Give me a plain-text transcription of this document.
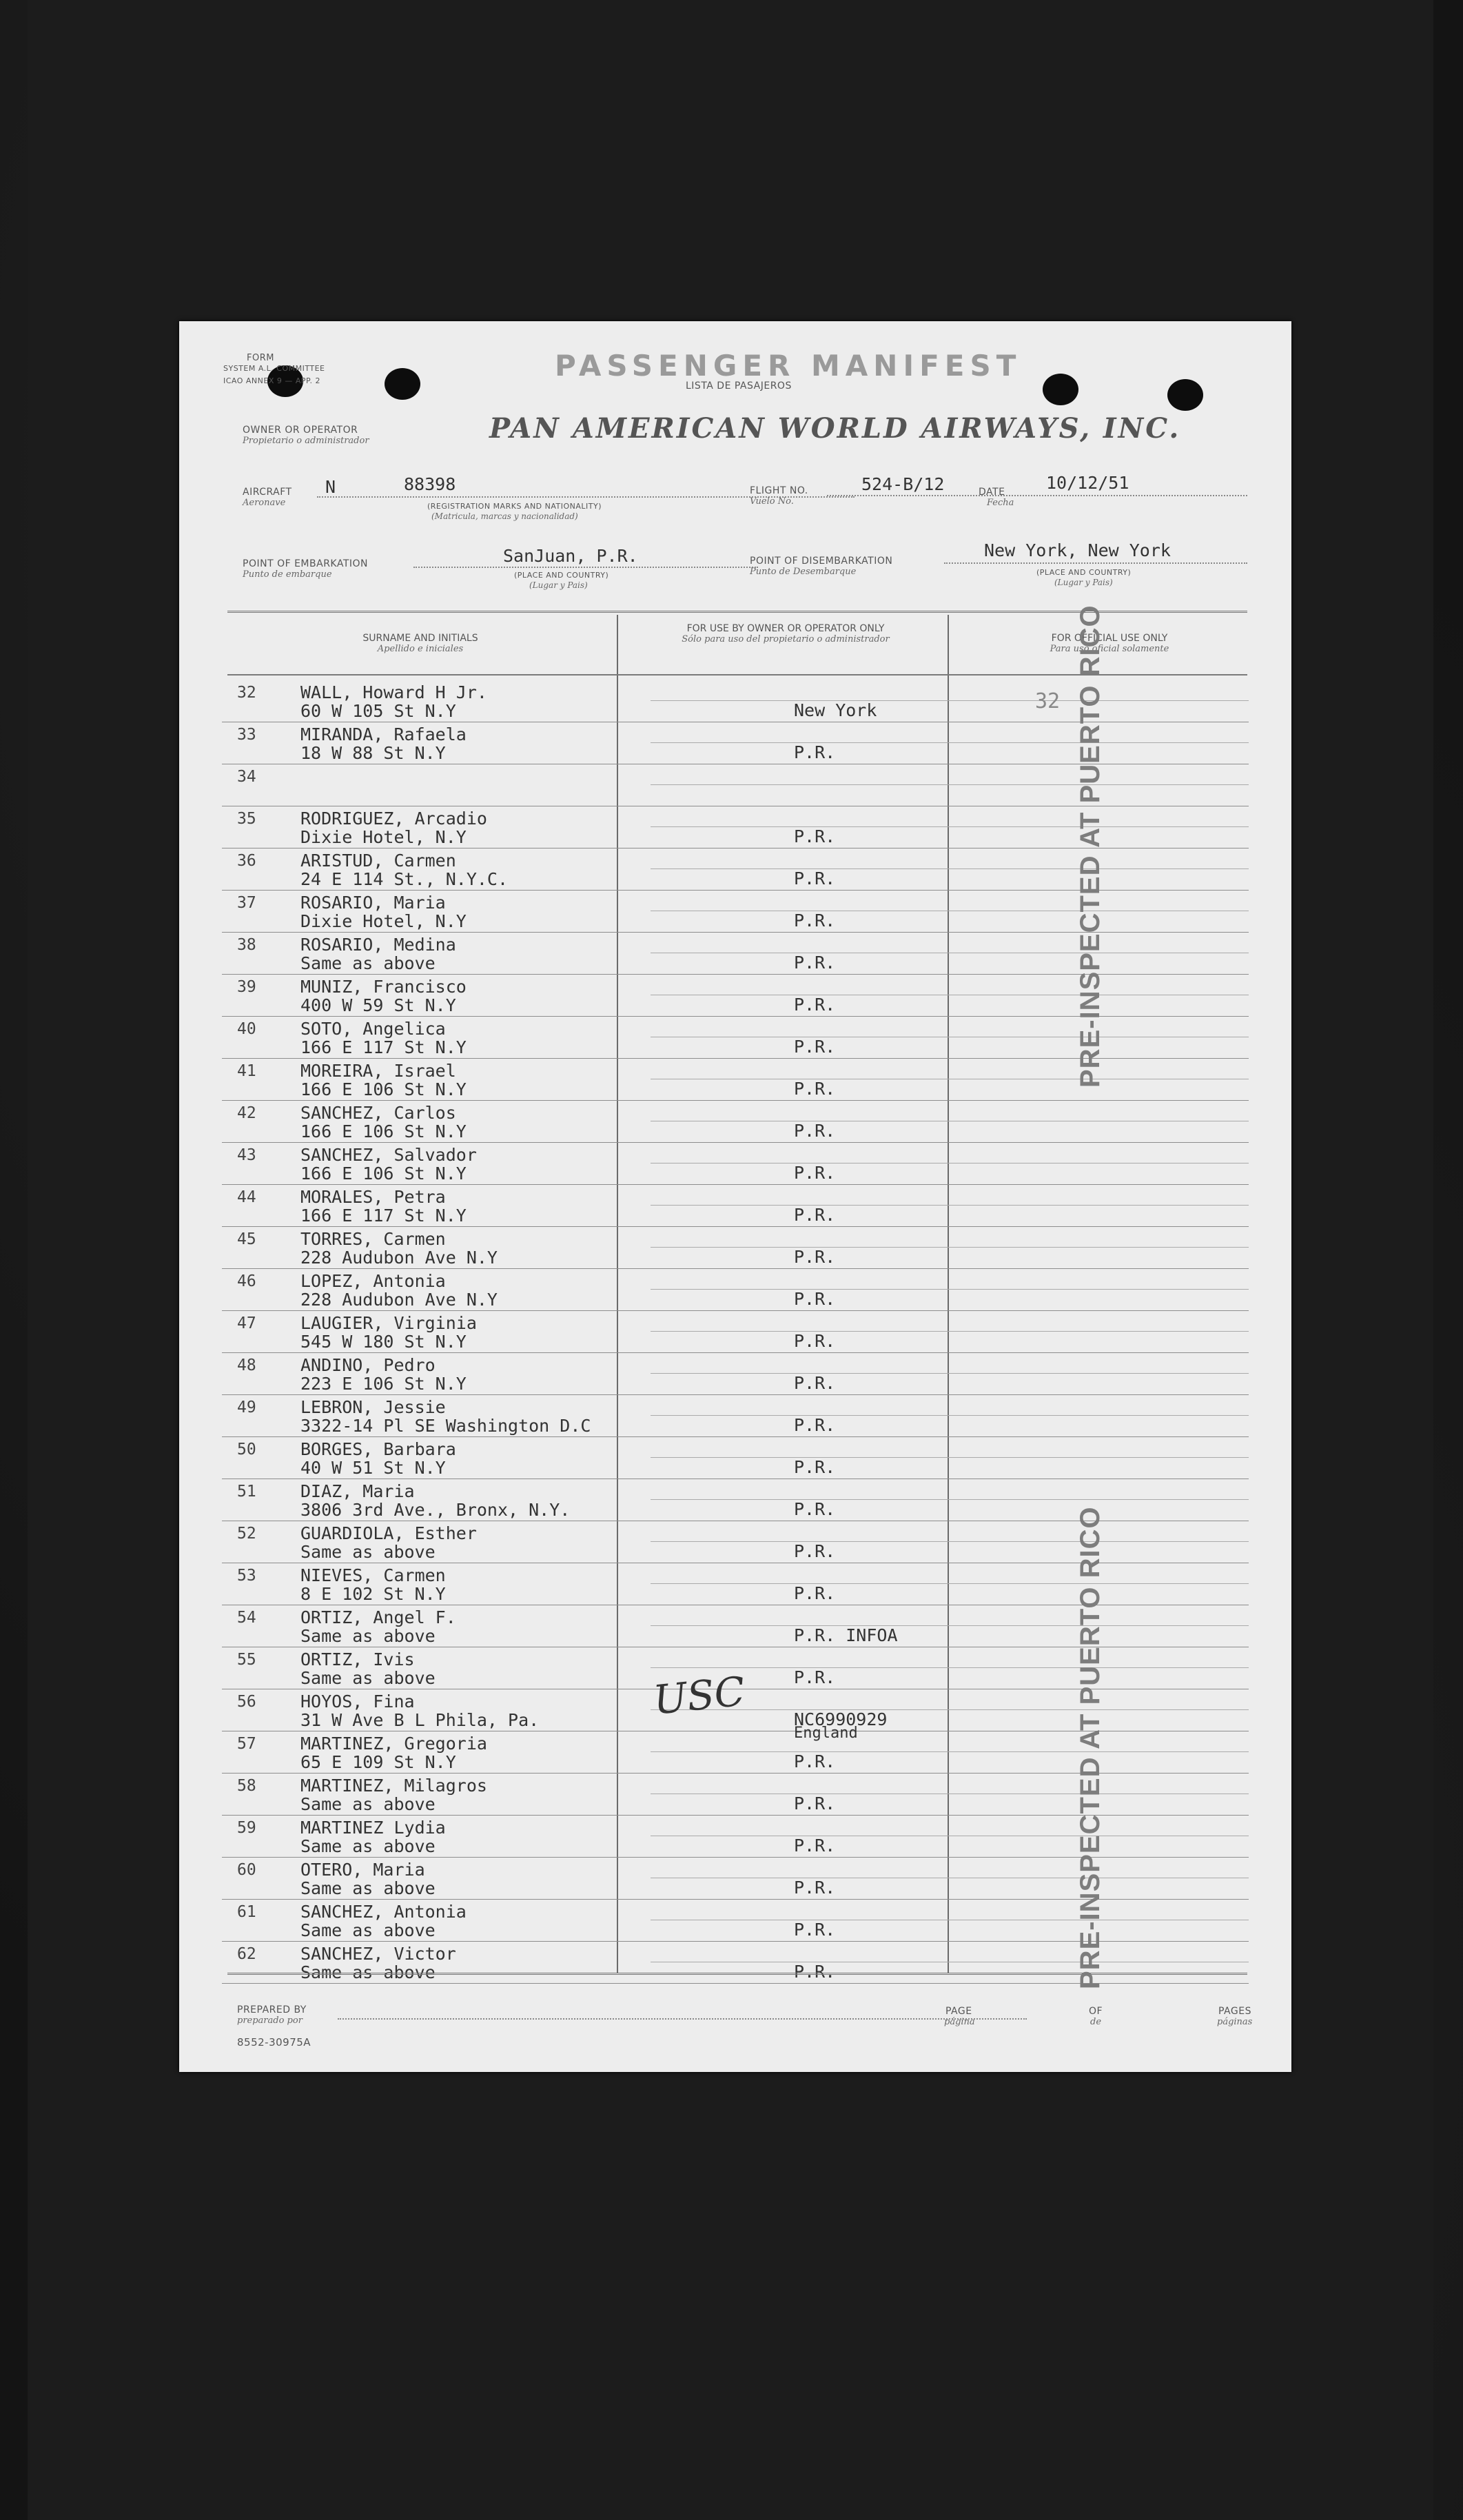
FORM
SYSTEM A.L. COMMITTEE
ICAO ANNEX 9 — APP. 2	PASSENGER MANIFEST
LISTA DE PASAJEROS
OWNER OR OPERATOR
Propietario o administrador	PAN AMERICAN WORLD AIRWAYS, INC.
AIRCRAFT
Aeronave
N	88398
(REGISTRATION MARKS AND NATIONALITY)
(Matricula, marcas y nacionalidad)
FLIGHT NO.
Vuelo No.
524-B/12	DATE
Fecha
10/12/51
POINT OF EMBARKATION
Punto de embarque
SanJuan, P.R.
(PLACE AND COUNTRY)
(Lugar y Pais)
POINT OF DISEMBARKATION
Punto de Desembarque
New York, New York
(PLACE AND COUNTRY)
(Lugar y Pais)
SURNAME AND INITIALS
Apellido e iniciales
FOR USE BY OWNER OR OPERATOR ONLY
Sólo para uso del propietario o administrador	FOR OFFICIAL USE ONLY
Para uso oficial solamente
32	WALL, Howard H Jr.
60 W 105 St N.Y	New York	32
33	MIRANDA, Rafaela
18 W 88 St N.Y	P.R.
34
35	RODRIGUEZ, Arcadio
Dixie Hotel, N.Y	P.R.
36	ARISTUD, Carmen
24 E 114 St., N.Y.C.	P.R.
37	ROSARIO, Maria
Dixie Hotel, N.Y	P.R.
38	ROSARIO, Medina
Same as above	P.R.
39	MUNIZ, Francisco
400 W 59 St N.Y	P.R.
40	SOTO, Angelica
166 E 117 St N.Y	P.R.
41	MOREIRA, Israel
166 E 106 St N.Y	P.R.
42	SANCHEZ, Carlos
166 E 106 St N.Y	P.R.
43	SANCHEZ, Salvador
166 E 106 St N.Y	P.R.
44	MORALES, Petra
166 E 117 St N.Y	P.R.
45	TORRES, Carmen
228 Audubon Ave N.Y	P.R.
46	LOPEZ, Antonia
228 Audubon Ave N.Y	P.R.
47	LAUGIER, Virginia
545 W 180 St N.Y	P.R.
48	ANDINO, Pedro
223 E 106 St N.Y	P.R.
49	LEBRON, Jessie
3322-14 Pl SE Washington D.C	P.R.
50	BORGES, Barbara
40 W 51 St N.Y	P.R.
51	DIAZ, Maria
3806 3rd Ave., Bronx, N.Y.	P.R.
52	GUARDIOLA, Esther
Same as above	P.R.
53	NIEVES, Carmen
8 E 102 St N.Y	P.R.
54	ORTIZ, Angel F.
Same as above	P.R. INFOA
55	ORTIZ, Ivis
Same as above	P.R.
56	HOYOS, Fina
31 W Ave B L Phila, Pa.	NC6990929
England
57	MARTINEZ, Gregoria
65 E 109 St N.Y	P.R.
58	MARTINEZ, Milagros
Same as above	P.R.
59	MARTINEZ Lydia
Same as above	P.R.
60	OTERO, Maria
Same as above	P.R.
61	SANCHEZ, Antonia
Same as above	P.R.
62	SANCHEZ, Victor
Same as above	P.R.
PRE-INSPECTED AT PUERTO RICO
PRE-INSPECTED AT PUERTO RICO
USC
PREPARED BY
preparado por
PAGE
página
OF
de
PAGES
páginas
8552-30975A
